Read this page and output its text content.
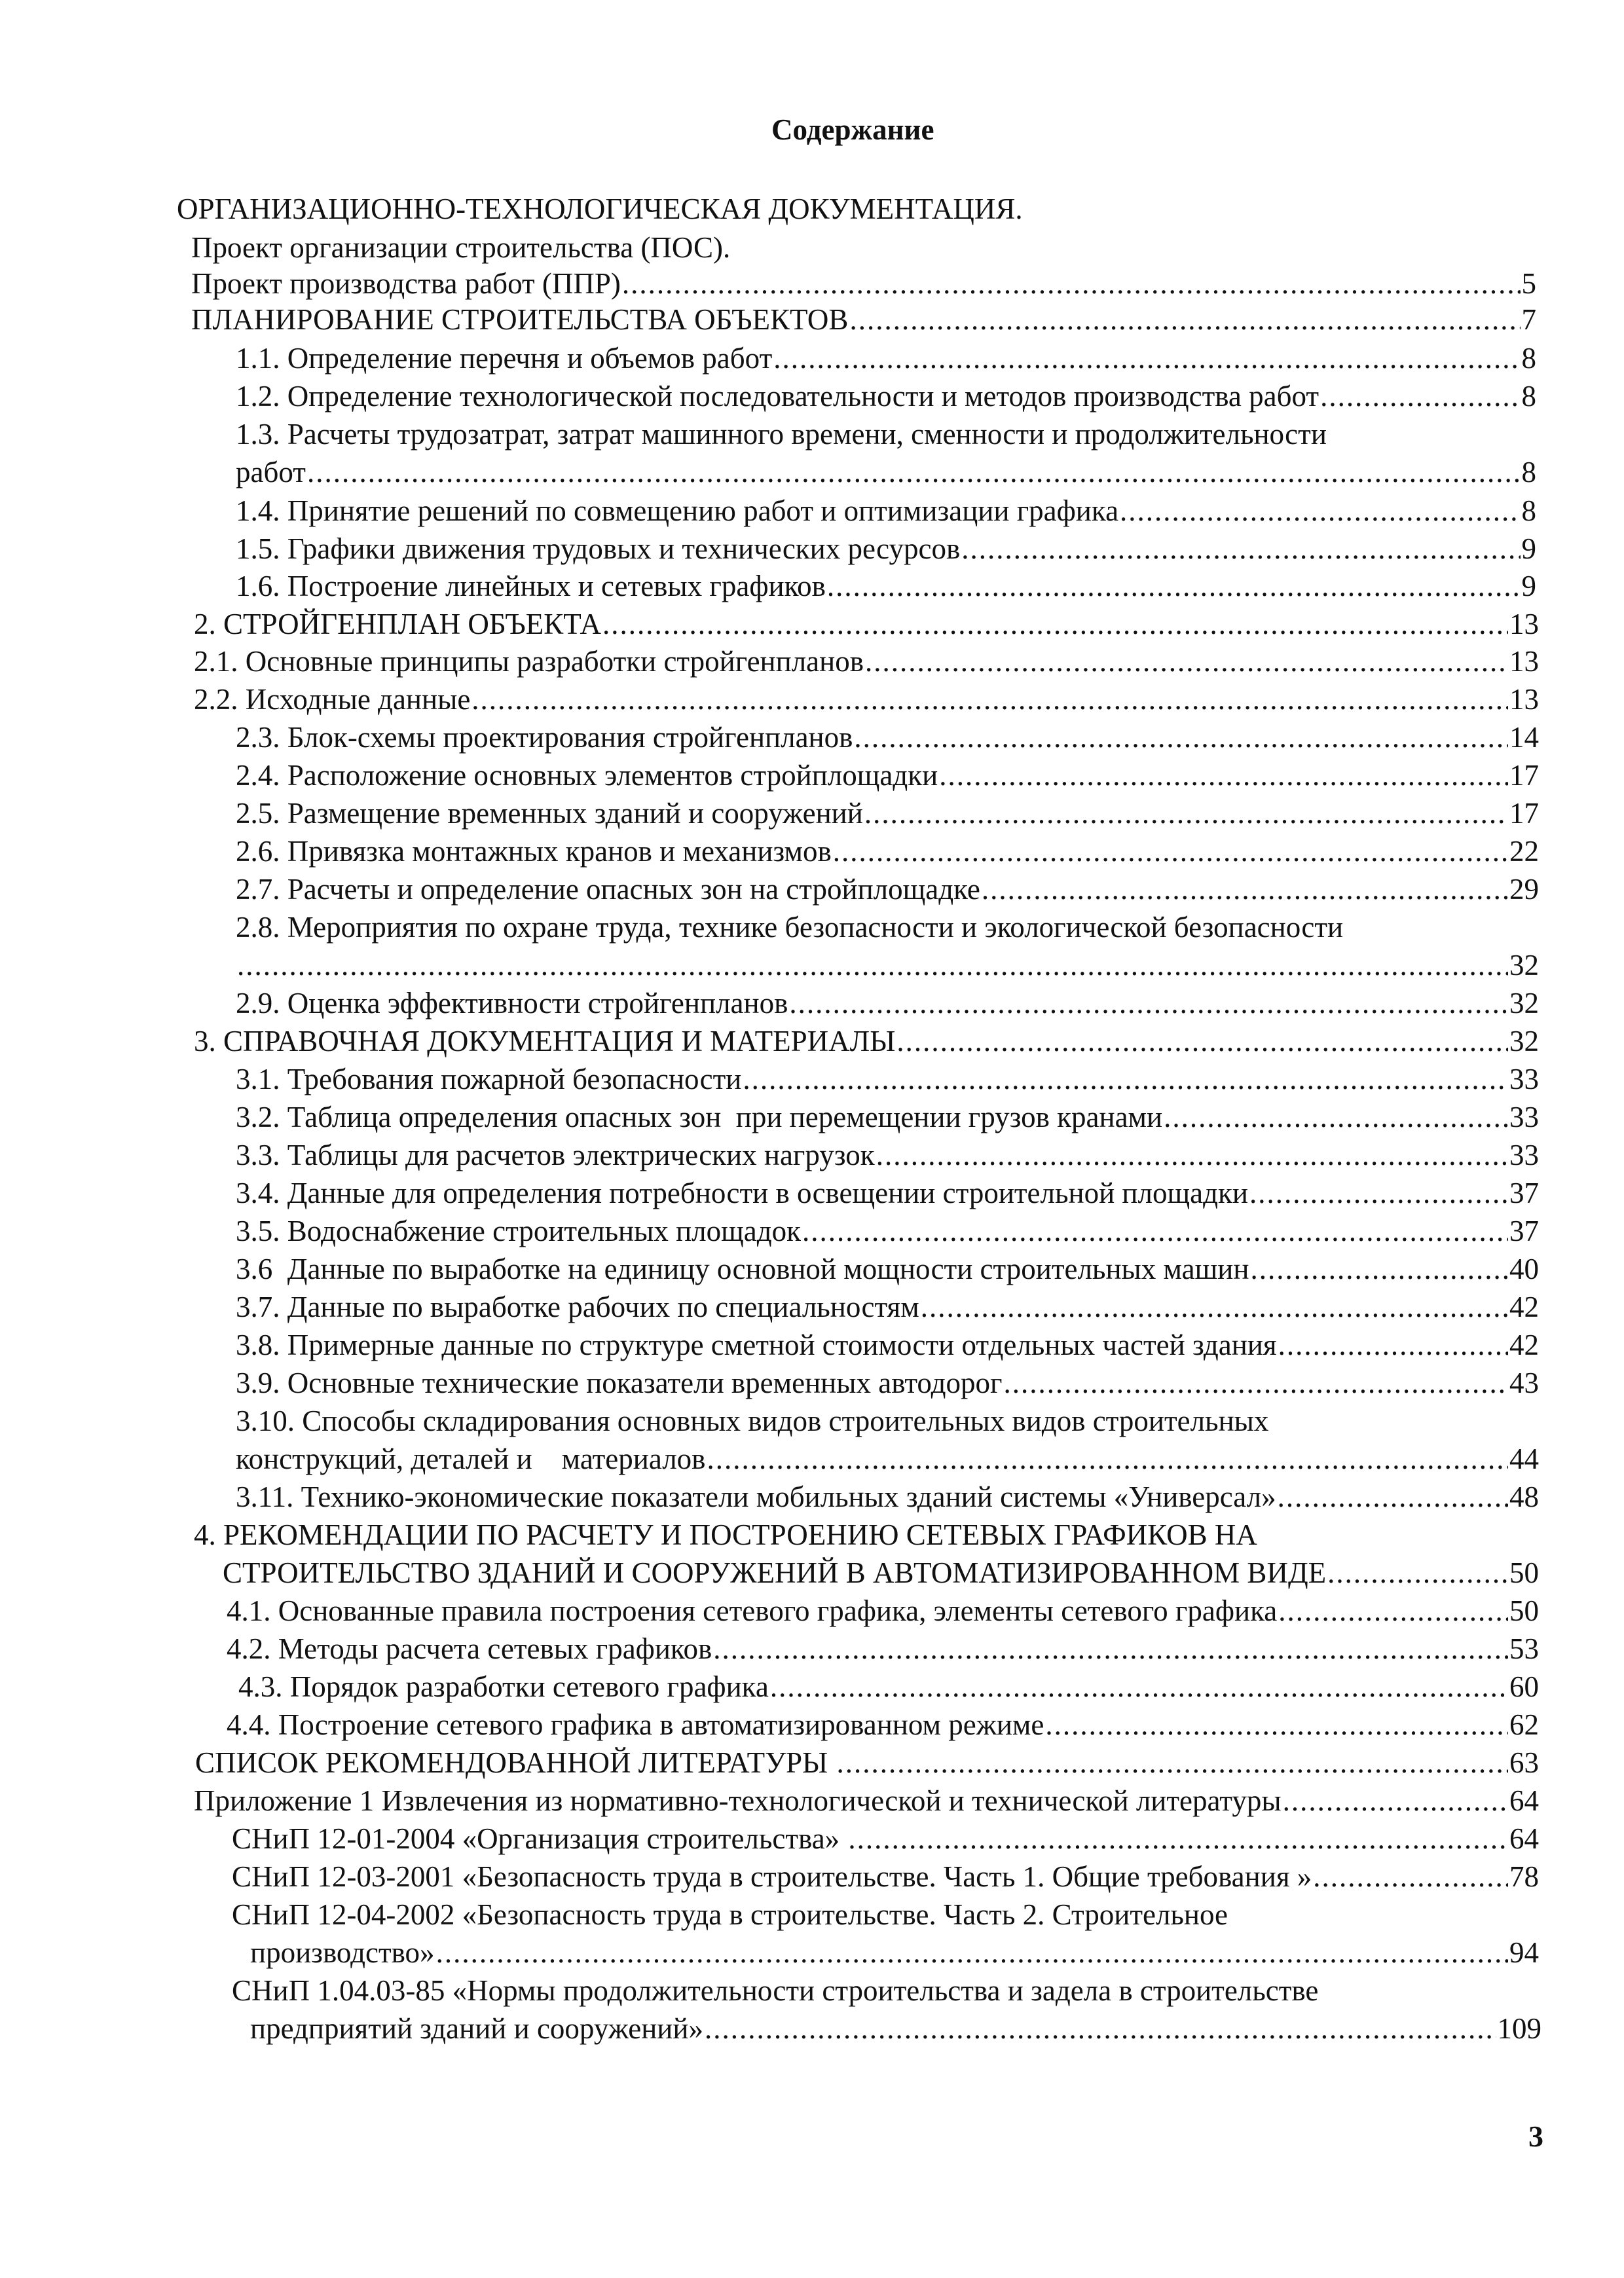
Содержание
ОРГАНИЗАЦИОННО-ТЕХНОЛОГИЧЕСКАЯ ДОКУМЕНТАЦИЯ.
Проект организации строительства (ПОС).
Проект производства работ (ППР) .....	5
ПЛАНИРОВАНИЕ СТРОИТЕЛЬСТВА ОБЪЕКТОВ .....	7
1.1. Определение перечня и объемов работ .....	8
1.2. Определение технологической последовательности и методов производства работ .....	8
1.3. Расчеты трудозатрат, затрат машинного времени, сменности и продолжительности
работ .....	8
1.4. Принятие решений по совмещению работ и оптимизации графика .....	8
1.5. Графики движения трудовых и технических ресурсов .....	9
1.6. Построение линейных и сетевых графиков .....	9
2. СТРОЙГЕНПЛАН ОБЪЕКТА .....	13
2.1. Основные принципы разработки стройгенпланов .....	13
2.2. Исходные данные .....	13
2.3. Блок-схемы проектирования стройгенпланов .....	14
2.4. Расположение основных элементов стройплощадки .....	17
2.5. Размещение временных зданий и сооружений .....	17
2.6. Привязка монтажных кранов и механизмов .....	22
2.7. Расчеты и определение опасных зон на стройплощадке .....	29
2.8. Мероприятия по охране труда, технике безопасности и экологической безопасности
.....
32
2.9. Оценка эффективности стройгенпланов .....	32
3. СПРАВОЧНАЯ ДОКУМЕНТАЦИЯ И МАТЕРИАЛЫ .....	32
3.1. Требования пожарной безопасности .....	33
3.2. Таблица определения опасных зон  при перемещении грузов кранами .....	33
3.3. Таблицы для расчетов электрических нагрузок .....	33
3.4. Данные для определения потребности в освещении строительной площадки .....	37
3.5. Водоснабжение строительных площадок .....	37
3.6  Данные по выработке на единицу основной мощности строительных машин .....	40
3.7. Данные по выработке рабочих по специальностям .....	42
3.8. Примерные данные по структуре сметной стоимости отдельных частей здания .....	42
3.9. Основные технические показатели временных автодорог .....	43
3.10. Способы складирования основных видов строительных видов строительных
конструкций, деталей и    материалов .....	44
3.11. Технико-экономические показатели мобильных зданий системы «Универсал» .....	48
4. РЕКОМЕНДАЦИИ ПО РАСЧЕТУ И ПОСТРОЕНИЮ СЕТЕВЫХ ГРАФИКОВ НА
СТРОИТЕЛЬСТВО ЗДАНИЙ И СООРУЖЕНИЙ В АВТОМАТИЗИРОВАННОМ ВИДЕ .....	50
4.1. Основанные правила построения сетевого графика, элементы сетевого графика .....	50
4.2. Методы расчета сетевых графиков .....	53
4.3. Порядок разработки сетевого графика .....	60
4.4. Построение сетевого графика в автоматизированном режиме .....	62
СПИСОК РЕКОМЕНДОВАННОЙ ЛИТЕРАТУРЫ .....	63
Приложение 1 Извлечения из нормативно-технологической и технической литературы .....	64
СНиП 12-01-2004 «Организация строительства» .....	64
СНиП 12-03-2001 «Безопасность труда в строительстве. Часть 1. Общие требования » .....	78
СНиП 12-04-2002 «Безопасность труда в строительстве. Часть 2. Строительное
производство» .....	94
СНиП 1.04.03-85 «Нормы продолжительности строительства и задела в строительстве
предприятий зданий и сооружений» .....	109
3
